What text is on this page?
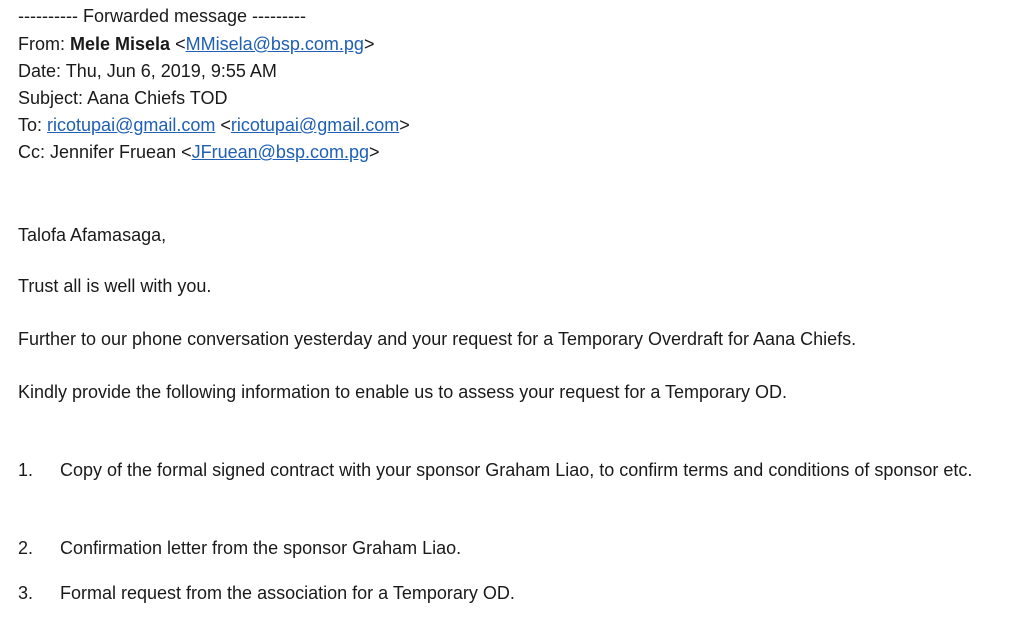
---------- Forwarded message ---------
From: Mele Misela <MMisela@bsp.com.pg>
Date: Thu, Jun 6, 2019, 9:55 AM
Subject: Aana Chiefs TOD
To: ricotupai@gmail.com <ricotupai@gmail.com>
Cc: Jennifer Fruean <JFruean@bsp.com.pg>
Talofa Afamasaga,
Trust all is well with you.
Further to our phone conversation yesterday and your request for a Temporary Overdraft for Aana Chiefs.
Kindly provide the following information to enable us to assess your request for a Temporary OD.
1. Copy of the formal signed contract with your sponsor Graham Liao, to confirm terms and conditions of sponsor etc.
2. Confirmation letter from the sponsor Graham Liao.
3. Formal request from the association for a Temporary OD.
